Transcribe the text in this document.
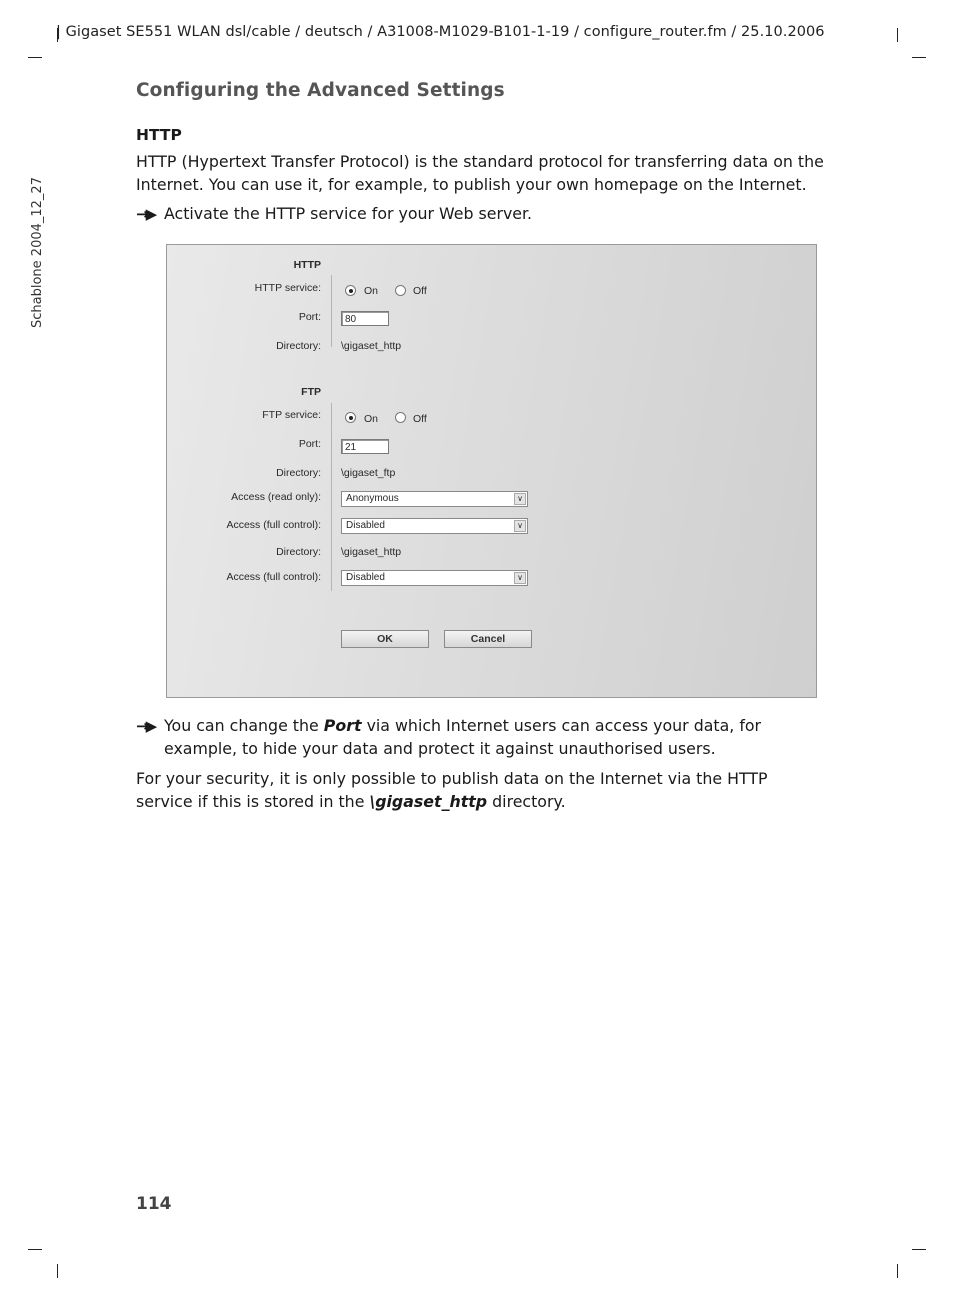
| Gigaset SE551 WLAN dsl/cable / deutsch / A31008-M1029-B101-1-19 / configure_router.fm / 25.10.2006
Schablone 2004_12_27
Configuring the Advanced Settings
HTTP
HTTP (Hypertext Transfer Protocol) is the standard protocol for transferring data on the Internet. You can use it, for example, to publish your own homepage on the Internet.
→▶ Activate the HTTP service for your Web server.
HTTP
HTTP service:	On	Off
Port:	80
Directory: \gigaset_http
FTP
FTP service:	On	Off
Port:	21
Directory: \gigaset_ftp
Access (read only):	Anonymous	∨
Access (full control):	Disabled	∨
Directory: \gigaset_http
Access (full control):	Disabled	∨
OK	Cancel
→▶ You can change the Port via which Internet users can access your data, for example, to hide your data and protect it against unauthorised users.
For your security, it is only possible to publish data on the Internet via the HTTP service if this is stored in the \gigaset_http directory.
114
